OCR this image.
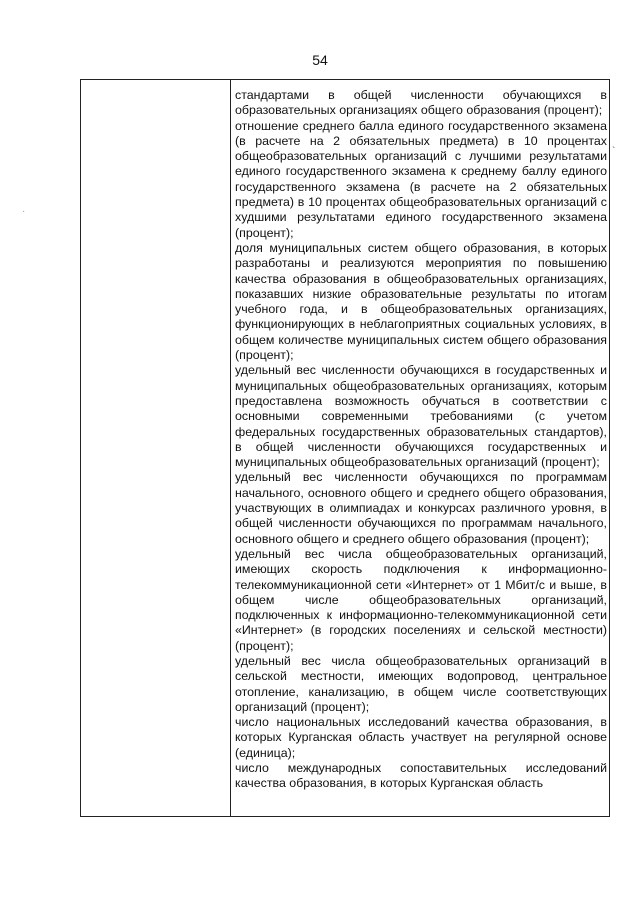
54

стандартами в общей численности обучающихся в образовательных организациях общего образования (процент);

отношение среднего балла единого государственного экзамена (в расчете на 2 обязательных предмета) в 10 процентах общеобразовательных организаций с лучшими результатами единого государственного экзамена к среднему баллу единого государственного экзамена (в расчете на 2 обязательных предмета) в 10 процентах общеобразовательных организаций с худшими результатами единого государственного экзамена (процент);

доля муниципальных систем общего образования, в которых разработаны и реализуются мероприятия по повышению качества образования в общеобразовательных организациях, показавших низкие образовательные результаты по итогам учебного года, и в общеобразовательных организациях, функционирующих в неблагоприятных социальных условиях, в общем количестве муниципальных систем общего образования (процент);

удельный вес численности обучающихся в государственных и муниципальных общеобразовательных организациях, которым предоставлена возможность обучаться в соответствии с основными современными требованиями (с учетом федеральных государственных образовательных стандартов), в общей численности обучающихся государственных и муниципальных общеобразовательных организаций (процент);

удельный вес численности обучающихся по программам начального, основного общего и среднего общего образования, участвующих в олимпиадах и конкурсах различного уровня, в общей численности обучающихся по программам начального, основного общего и среднего общего образования (процент);

удельный вес числа общеобразовательных организаций, имеющих скорость подключения к информационно-телекоммуникационной сети «Интернет» от 1 Мбит/с и выше, в общем числе общеобразовательных организаций, подключенных к информационно-телекоммуникационной сети «Интернет» (в городских поселениях и сельской местности) (процент);

удельный вес числа общеобразовательных организаций в сельской местности, имеющих водопровод, центральное отопление, канализацию, в общем числе соответствующих организаций (процент);

число национальных исследований качества образования, в которых Курганская область участвует на регулярной основе (единица);

число международных сопоставительных исследований качества образования, в которых Курганская область

`
·
